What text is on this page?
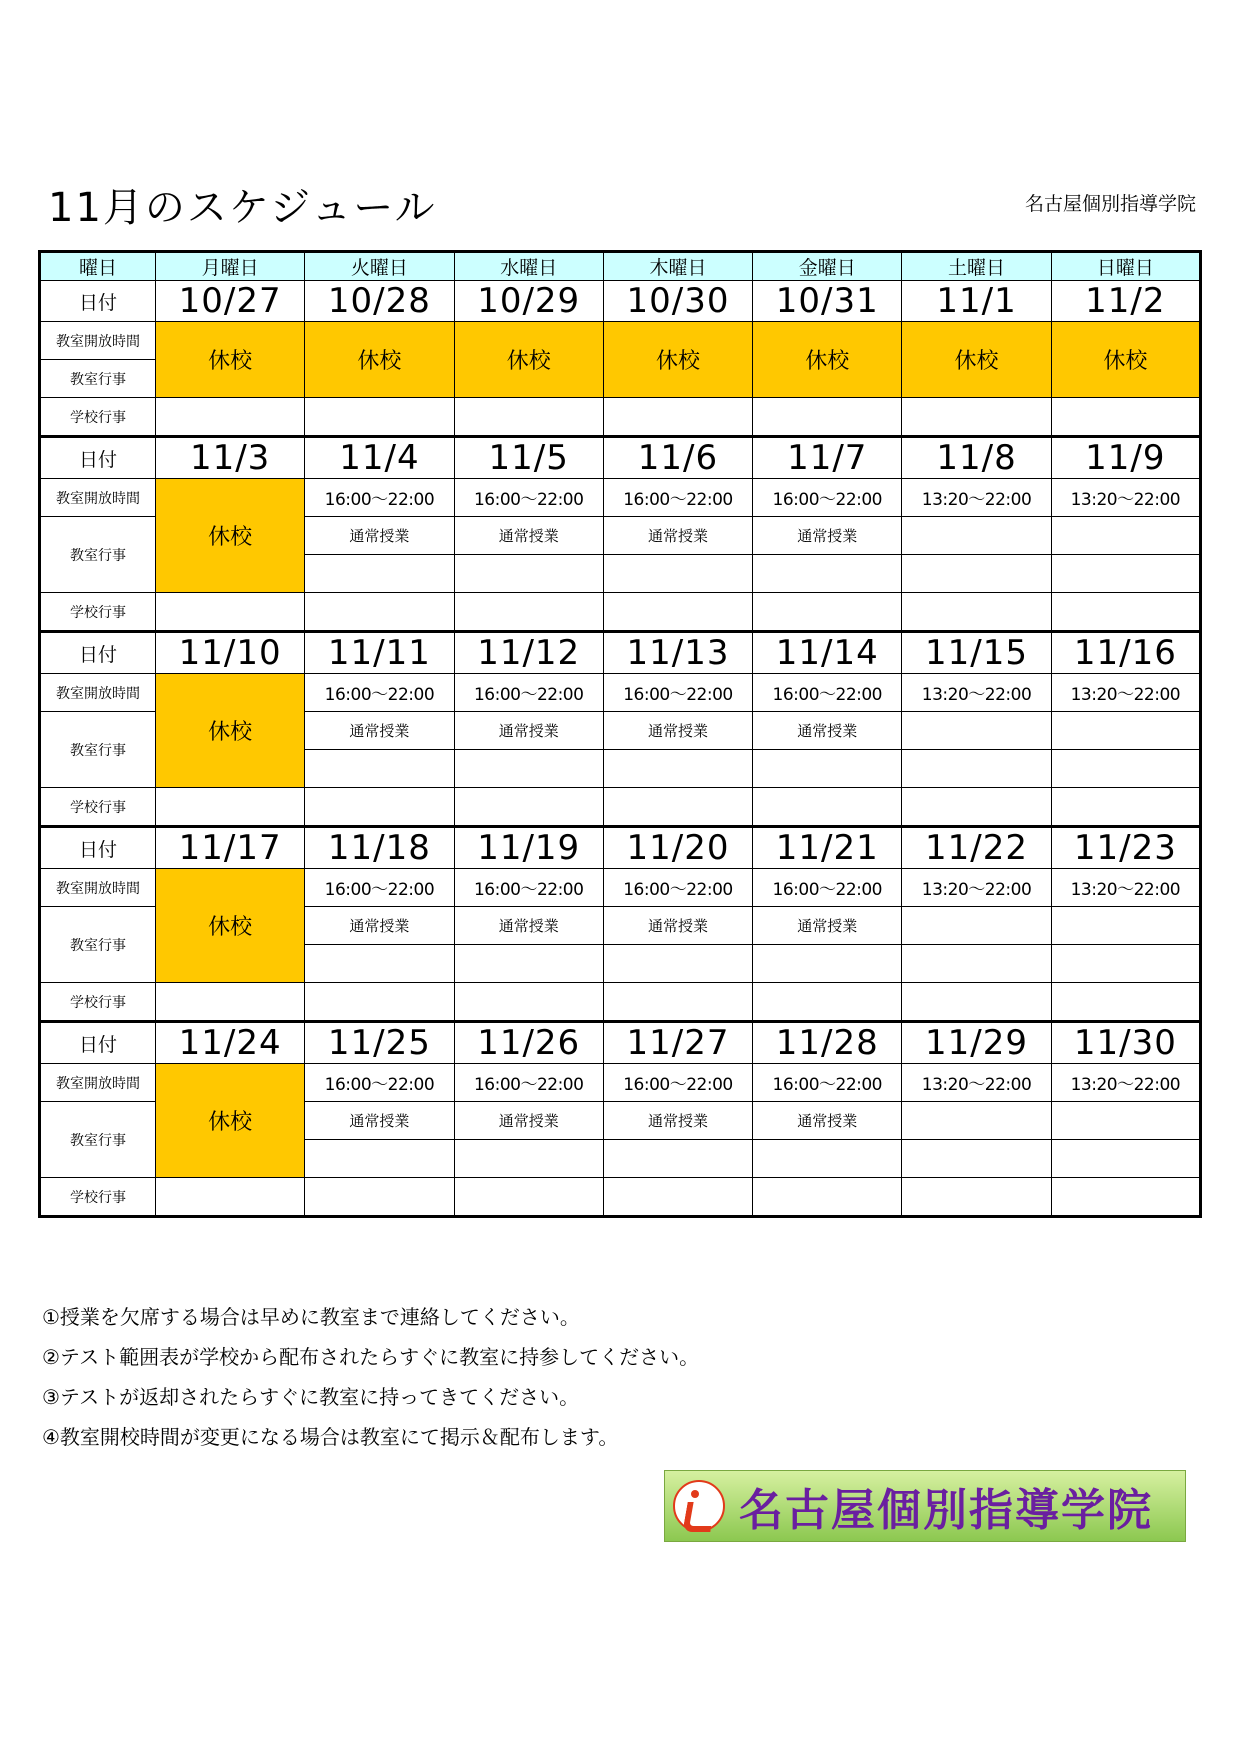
11月のスケジュール	名古屋個別指導学院
曜日	月曜日	火曜日	水曜日	木曜日	金曜日	土曜日	日曜日
日付	10/27	10/28	10/29	10/30	10/31	11/1	11/2
教室開放時間	休校	休校	休校	休校	休校	休校	休校
教室行事							

学校行事							
日付	11/3	11/4	11/5	11/6	11/7	11/8	11/9
教室開放時間	休校	16:00～22:00	16:00～22:00	16:00～22:00	16:00～22:00	13:20～22:00	13:20～22:00
教室行事		通常授業	通常授業	通常授業	通常授業		

学校行事							
日付	11/10	11/11	11/12	11/13	11/14	11/15	11/16
教室開放時間	休校	16:00～22:00	16:00～22:00	16:00～22:00	16:00～22:00	13:20～22:00	13:20～22:00
教室行事		通常授業	通常授業	通常授業	通常授業		

学校行事							
日付	11/17	11/18	11/19	11/20	11/21	11/22	11/23
教室開放時間	休校	16:00～22:00	16:00～22:00	16:00～22:00	16:00～22:00	13:20～22:00	13:20～22:00
教室行事		通常授業	通常授業	通常授業	通常授業		

学校行事							
日付	11/24	11/25	11/26	11/27	11/28	11/29	11/30
教室開放時間	休校	16:00～22:00	16:00～22:00	16:00～22:00	16:00～22:00	13:20～22:00	13:20～22:00
教室行事		通常授業	通常授業	通常授業	通常授業		

学校行事							
①授業を欠席する場合は早めに教室まで連絡してください。
②テスト範囲表が学校から配布されたらすぐに教室に持参してください。
③テストが返却されたらすぐに教室に持ってきてください。
④教室開校時間が変更になる場合は教室にて掲示＆配布します。
名古屋個別指導学院
